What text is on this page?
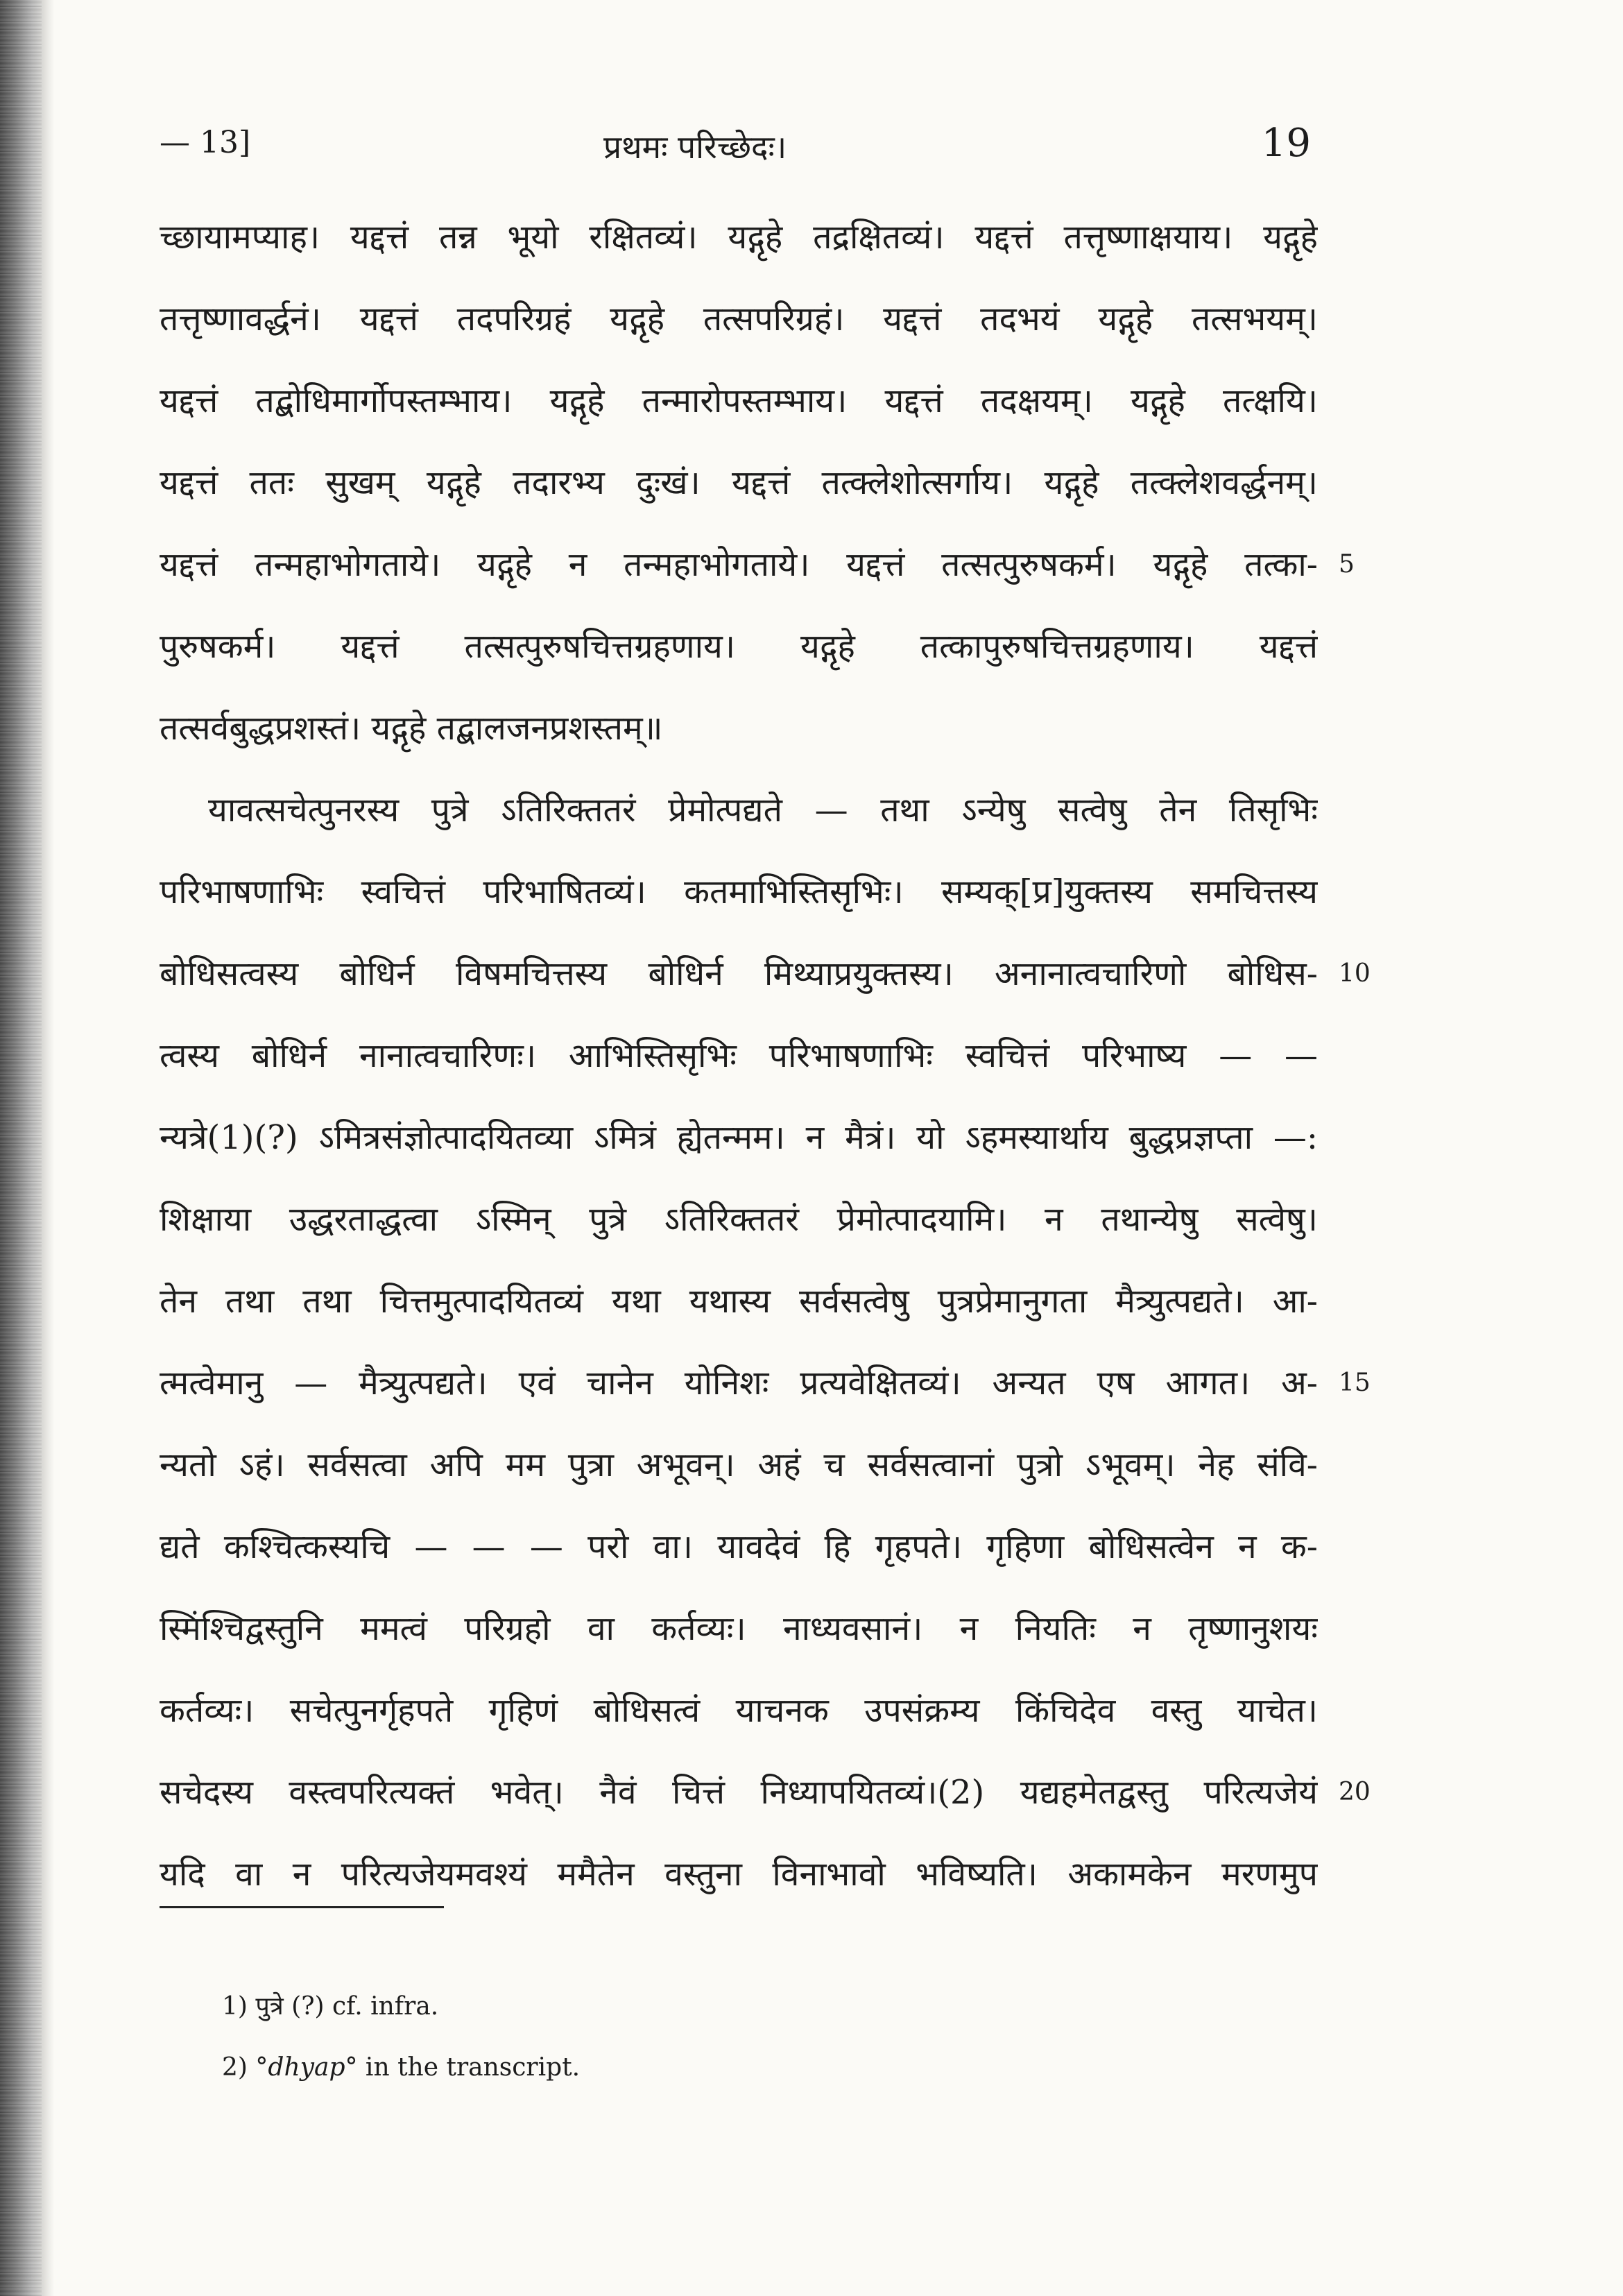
— 13]	प्रथमः परिच्छेदः।	19
च्छायामप्याह। यद्दत्तं तन्न भूयो रक्षितव्यं। यद्गृहे तद्रक्षितव्यं। यद्दत्तं तत्तृष्णाक्षयाय। यद्गृहे
तत्तृष्णावर्द्धनं। यद्दत्तं तदपरिग्रहं यद्गृहे तत्सपरिग्रहं। यद्दत्तं तदभयं यद्गृहे तत्सभयम्।
यद्दत्तं तद्बोधिमार्गोपस्तम्भाय। यद्गृहे तन्मारोपस्तम्भाय। यद्दत्तं तदक्षयम्। यद्गृहे तत्क्षयि।
यद्दत्तं ततः सुखम् यद्गृहे तदारभ्य दुःखं। यद्दत्तं तत्क्लेशोत्सर्गाय। यद्गृहे तत्क्लेशवर्द्धनम्।
यद्दत्तं तन्महाभोगताये। यद्गृहे न तन्महाभोगताये। यद्दत्तं तत्सत्पुरुषकर्म। यद्गृहे तत्का- 5
पुरुषकर्म। यद्दत्तं तत्सत्पुरुषचित्तग्रहणाय। यद्गृहे तत्कापुरुषचित्तग्रहणाय। यद्दत्तं
तत्सर्वबुद्धप्रशस्तं। यद्गृहे तद्बालजनप्रशस्तम्॥
यावत्सचेत्पुनरस्य पुत्रे ऽतिरिक्ततरं प्रेमोत्पद्यते — तथा ऽन्येषु सत्वेषु तेन तिसृभिः
परिभाषणाभिः स्वचित्तं परिभाषितव्यं। कतमाभिस्तिसृभिः। सम्यक्[प्र]युक्तस्य समचित्तस्य
बोधिसत्वस्य बोधिर्न विषमचित्तस्य बोधिर्न मिथ्याप्रयुक्तस्य। अनानात्वचारिणो बोधिस- 10
त्वस्य बोधिर्न नानात्वचारिणः। आभिस्तिसृभिः परिभाषणाभिः स्वचित्तं परिभाष्य — —
न्यत्रे(1)(?) ऽमित्रसंज्ञोत्पादयितव्या ऽमित्रं ह्येतन्मम। न मैत्रं। यो ऽहमस्यार्थाय बुद्धप्रज्ञप्ता —:
शिक्षाया उद्धरताद्धत्वा ऽस्मिन् पुत्रे ऽतिरिक्ततरं प्रेमोत्पादयामि। न तथान्येषु सत्वेषु।
तेन तथा तथा चित्तमुत्पादयितव्यं यथा यथास्य सर्वसत्वेषु पुत्रप्रेमानुगता मैत्र्युत्पद्यते। आ-
त्मत्वेमानु — मैत्र्युत्पद्यते। एवं चानेन योनिशः प्रत्यवेक्षितव्यं। अन्यत एष आगत। अ- 15
न्यतो ऽहं। सर्वसत्वा अपि मम पुत्रा अभूवन्। अहं च सर्वसत्वानां पुत्रो ऽभूवम्। नेह संवि-
द्यते कश्चित्कस्यचि — — — परो वा। यावदेवं हि गृहपते। गृहिणा बोधिसत्वेन न क-
स्मिंश्चिद्वस्तुनि ममत्वं परिग्रहो वा कर्तव्यः। नाध्यवसानं। न नियतिः न तृष्णानुशयः
कर्तव्यः। सचेत्पुनर्गृहपते गृहिणं बोधिसत्वं याचनक उपसंक्रम्य किंचिदेव वस्तु याचेत।
सचेदस्य वस्त्वपरित्यक्तं भवेत्। नैवं चित्तं निध्यापयितव्यं।(2) यद्यहमेतद्वस्तु परित्यजेयं 20
यदि वा न परित्यजेयमवश्यं ममैतेन वस्तुना विनाभावो भविष्यति। अकामकेन मरणमुप
1) पुत्रे (?) cf. infra.
2) °dhyap° in the transcript.
